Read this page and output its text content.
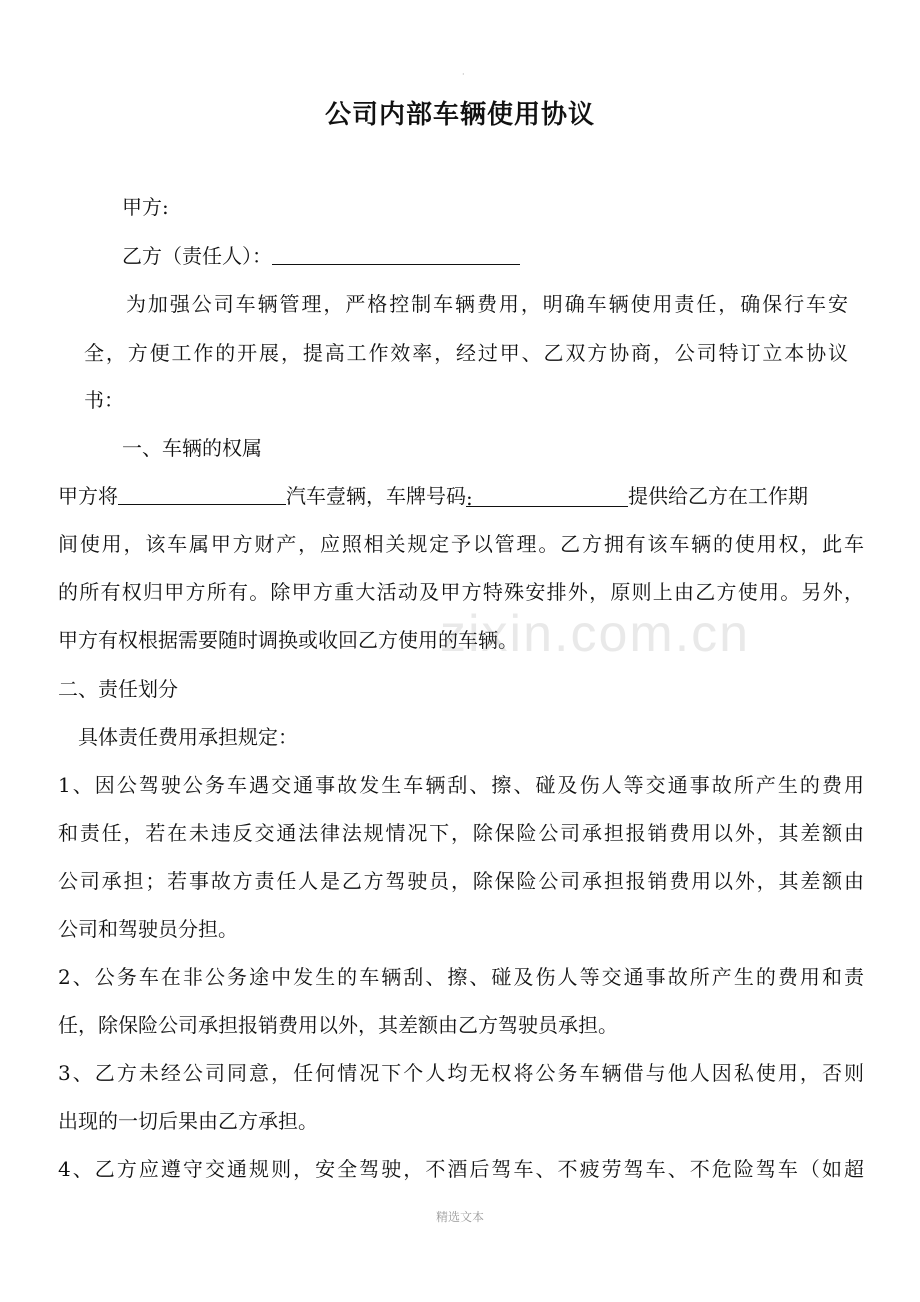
·
公司内部车辆使用协议
甲方:
乙方（责任人）：
为加强公司车辆管理，严格控制车辆费用，明确车辆使用责任，确保行车安
全，方便工作的开展，提高工作效率，经过甲、乙双方协商，公司特订立本协议
书：
一、车辆的权属
甲方将	汽车壹辆，车牌号码:	提供给乙方在工作期
间使用，该车属甲方财产，应照相关规定予以管理。乙方拥有该车辆的使用权，此车
的所有权归甲方所有。除甲方重大活动及甲方特殊安排外，原则上由乙方使用。另外，
甲方有权根据需要随时调换或收回乙方使用的车辆。
二、责任划分
具体责任费用承担规定：
1、因公驾驶公务车遇交通事故发生车辆刮、擦、碰及伤人等交通事故所产生的费用
和责任，若在未违反交通法律法规情况下，除保险公司承担报销费用以外，其差额由
公司承担；若事故方责任人是乙方驾驶员，除保险公司承担报销费用以外，其差额由
公司和驾驶员分担。
2、公务车在非公务途中发生的车辆刮、擦、碰及伤人等交通事故所产生的费用和责
任，除保险公司承担报销费用以外，其差额由乙方驾驶员承担。
3、乙方未经公司同意，任何情况下个人均无权将公务车辆借与他人因私使用，否则
出现的一切后果由乙方承担。
4、乙方应遵守交通规则，安全驾驶，不酒后驾车、不疲劳驾车、不危险驾车（如超
zixin.com.cn
精选文本
